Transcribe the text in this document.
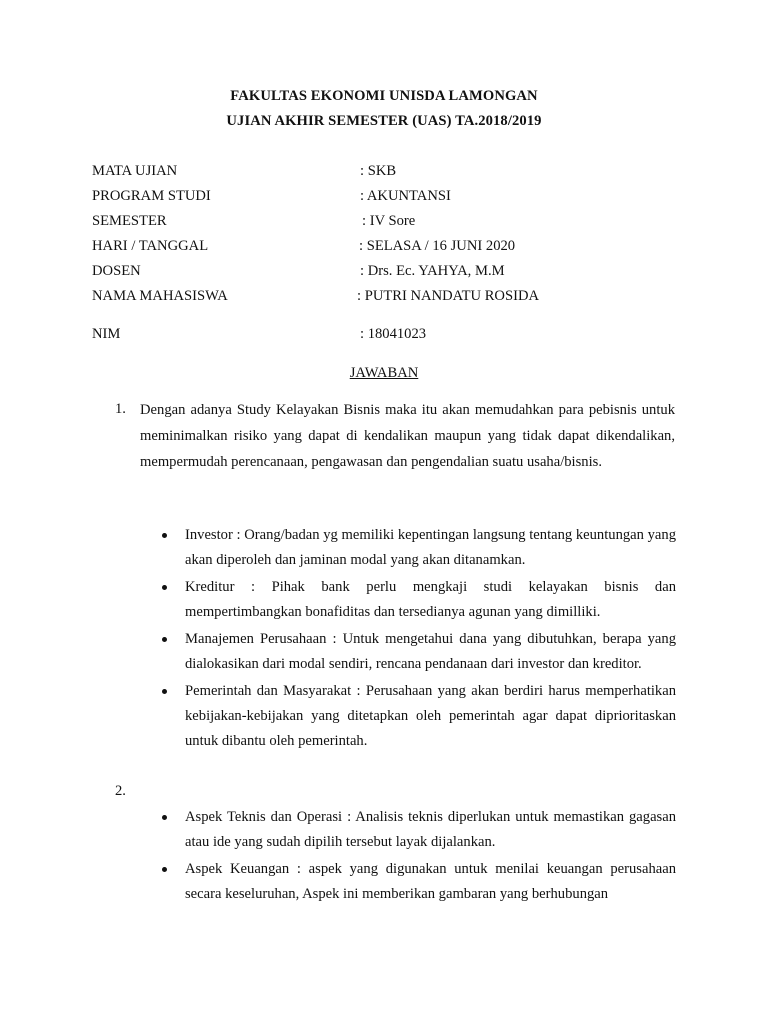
FAKULTAS EKONOMI UNISDA LAMONGAN
UJIAN AKHIR SEMESTER (UAS) TA.2018/2019
MATA UJIAN	: SKB
PROGRAM STUDI	: AKUNTANSI
SEMESTER	: IV Sore
HARI / TANGGAL	: SELASA / 16 JUNI 2020
DOSEN	: Drs. Ec. YAHYA, M.M
NAMA MAHASISWA	: PUTRI NANDATU ROSIDA
NIM	: 18041023
JAWABAN
1. Dengan adanya Study Kelayakan Bisnis maka itu akan memudahkan para pebisnis untuk meminimalkan risiko yang dapat di kendalikan maupun yang tidak dapat dikendalikan, mempermudah perencanaan, pengawasan dan pengendalian suatu usaha/bisnis.

Investor : Orang/badan yg memiliki kepentingan langsung tentang keuntungan yang akan diperoleh dan jaminan modal yang akan ditanamkan.
Kreditur : Pihak bank perlu mengkaji studi kelayakan bisnis dan mempertimbangkan bonafiditas dan tersedianya agunan yang dimilliki.
Manajemen Perusahaan : Untuk mengetahui dana yang dibutuhkan, berapa yang dialokasikan dari modal sendiri, rencana pendanaan dari investor dan kreditor.
Pemerintah dan Masyarakat : Perusahaan yang akan berdiri harus memperhatikan kebijakan-kebijakan yang ditetapkan oleh pemerintah agar dapat diprioritaskan untuk dibantu oleh pemerintah.
2.
Aspek Teknis dan Operasi : Analisis teknis diperlukan untuk memastikan gagasan atau ide yang sudah dipilih tersebut layak dijalankan.
Aspek Keuangan : aspek yang digunakan untuk menilai keuangan perusahaan secara keseluruhan, Aspek ini memberikan gambaran yang berhubungan
